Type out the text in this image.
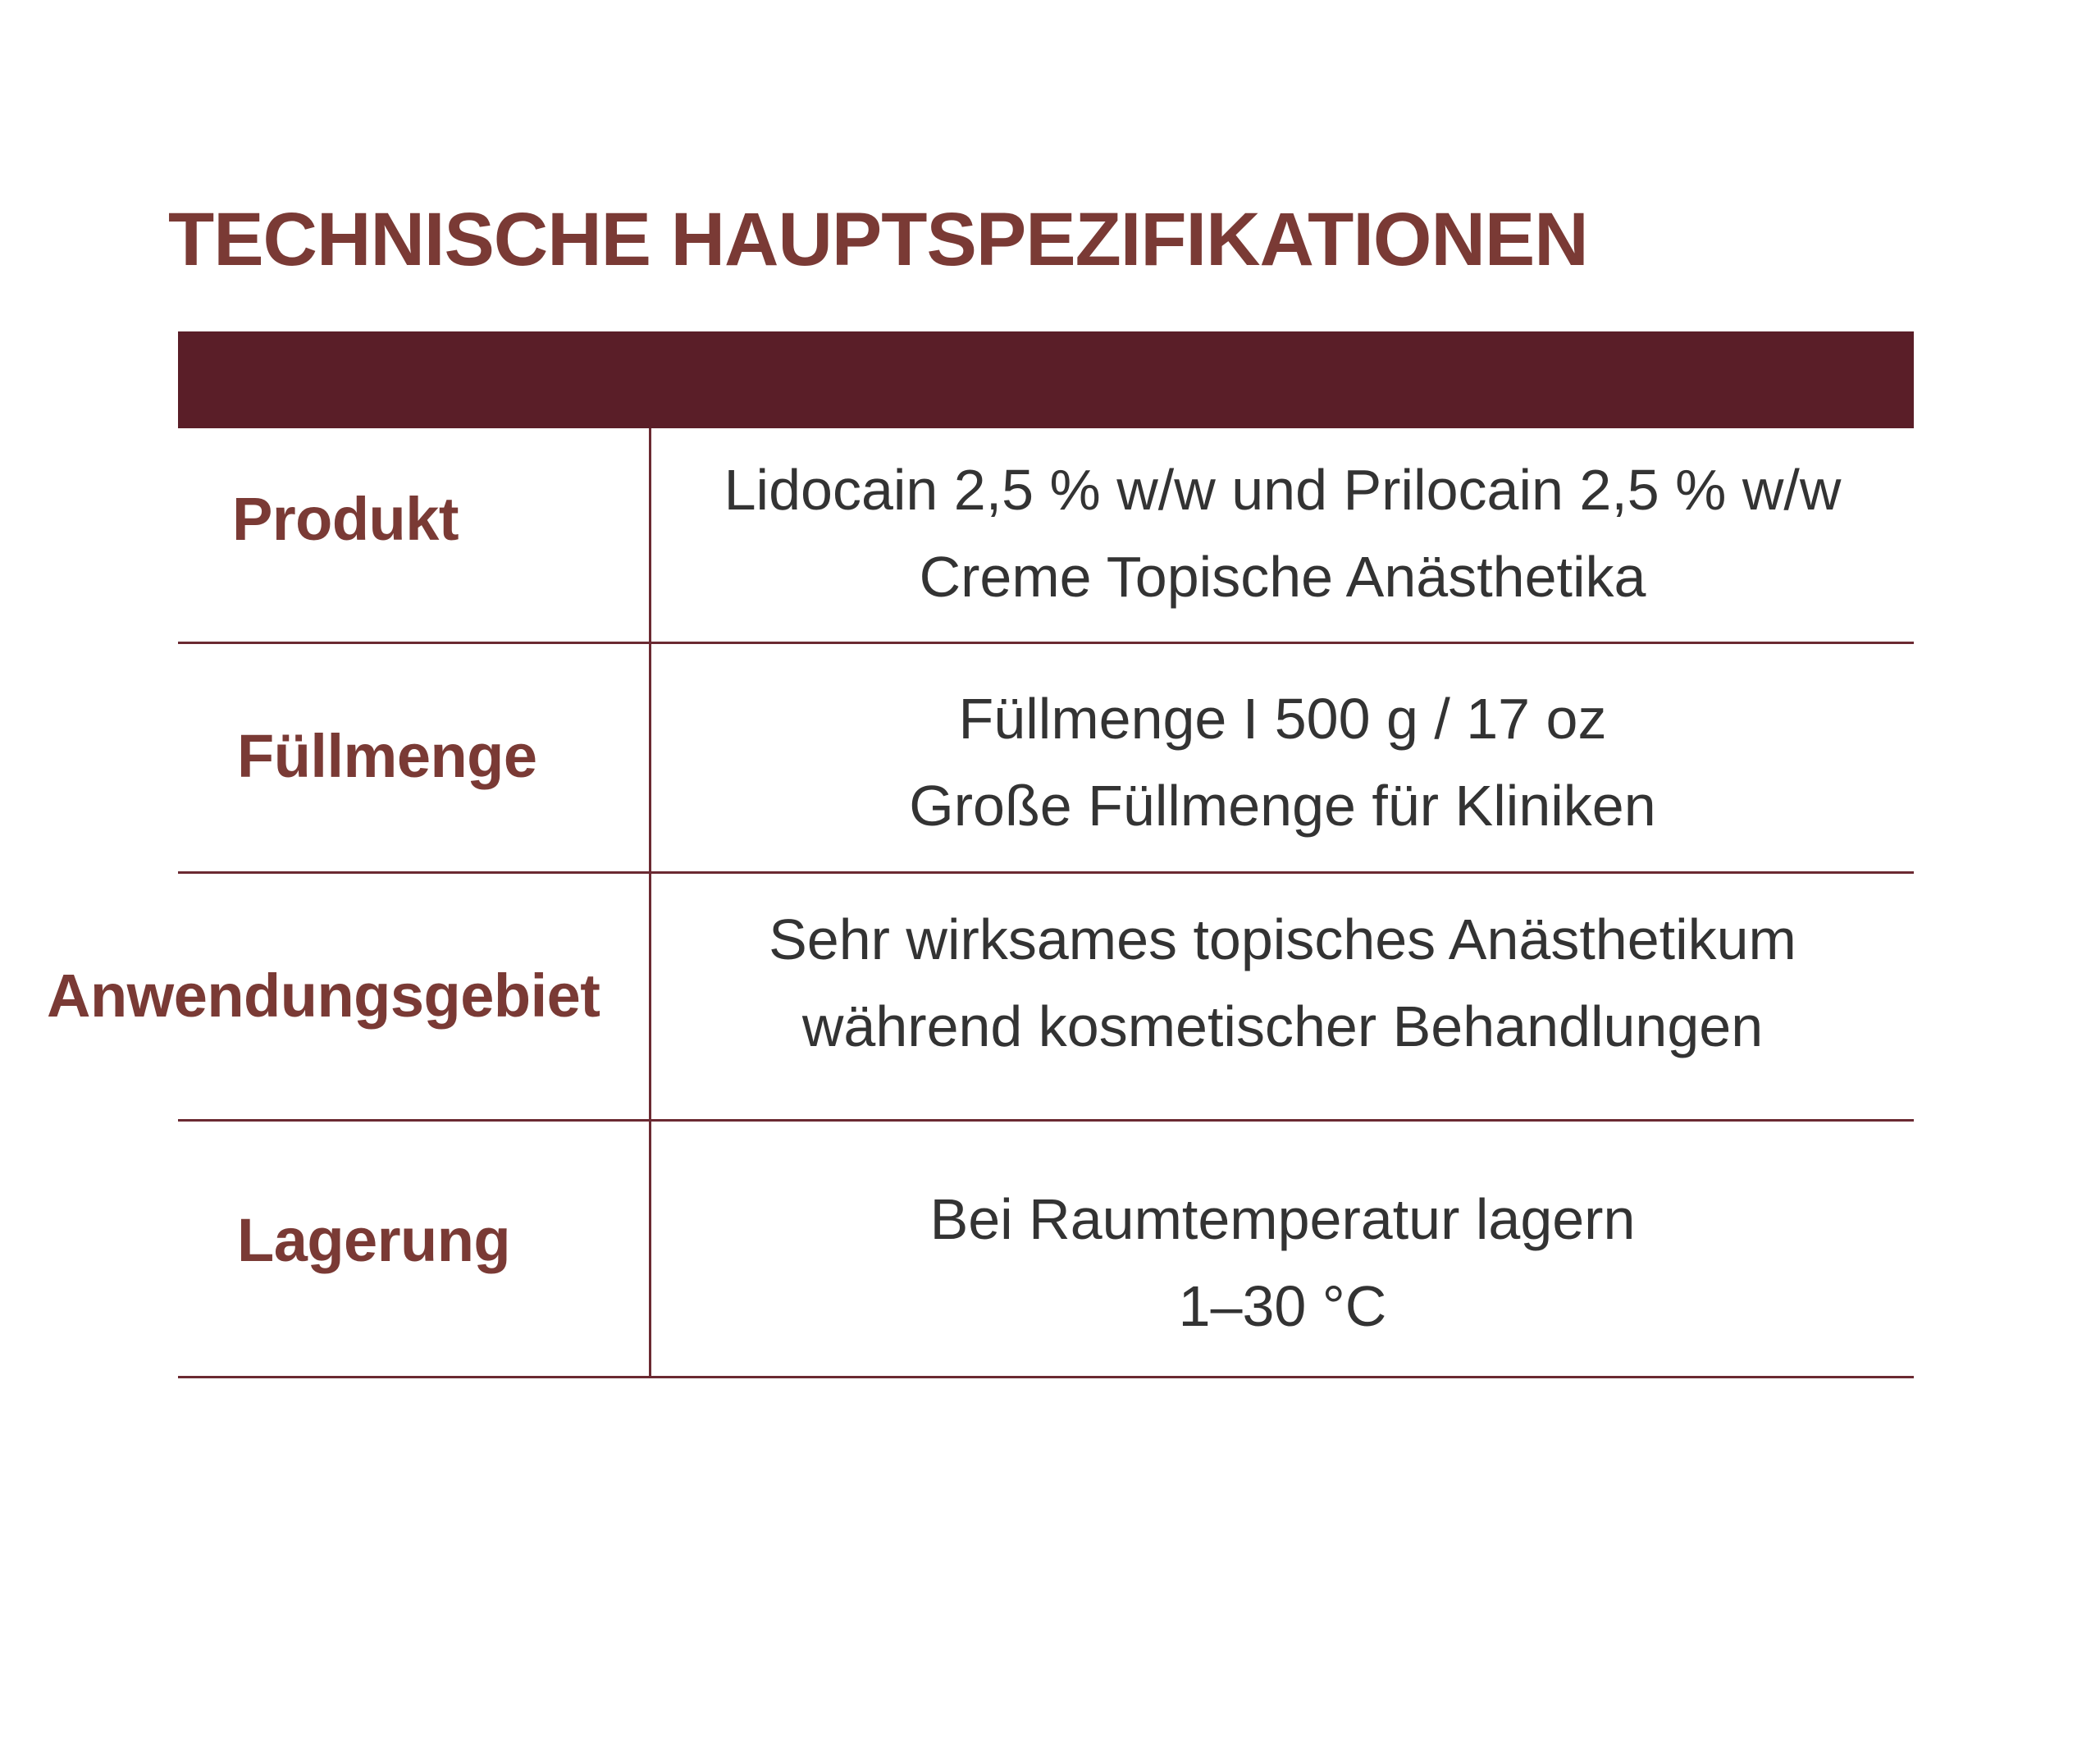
TECHNISCHE HAUPTSPEZIFIKATIONEN
Produkt	Lidocain 2,5 % w/w und Prilocain 2,5 % w/w
Creme Topische Anästhetika
Füllmenge
Füllmenge I 500 g / 17 oz
Große Füllmenge für Kliniken
Anwendungsgebiet
Sehr wirksames topisches Anästhetikum
während kosmetischer Behandlungen
Lagerung	Bei Raumtemperatur lagern
1–30 °C
